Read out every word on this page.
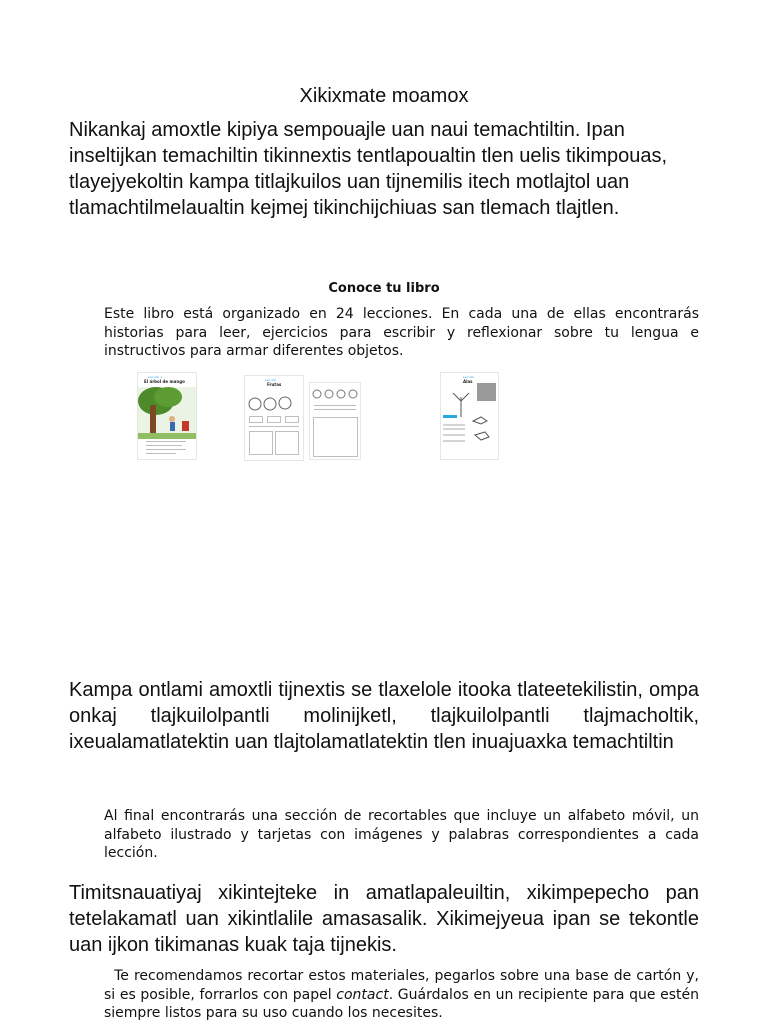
Xikixmate moamox

Nikankaj amoxtle kipiya sempouajle uan naui temachtiltin. Ipan inseltijkan temachiltin tikinnextis tentlapoualtin tlen uelis tikimpouas, tlayejyekoltin kampa titlajkuilos uan tijnemilis itech motlajtol uan tlamachtilmelaualtin kejmej tikinchijchiuas san tlemach tlajtlen.

Conoce tu libro

Este libro está organizado en 24 lecciones. En cada una de ellas encontrarás historias para leer, ejercicios para escribir y reflexionar sobre tu lengua e instructivos para armar diferentes objetos.

Lección 1
El árbol de mango	Lección
Frutas
Lección
Alas

Kampa ontlami amoxtli tijnextis se tlaxelole itooka tlateetekilistin, ompa onkaj tlajkuilolpantli molinijketl, tlajkuilolpantli tlajmacholtik, ixeualamatlatektin uan tlajtolamatlatektin tlen inuajuaxka temachtiltin

Al final encontrarás una sección de recortables que incluye un alfabeto móvil, un alfabeto ilustrado y tarjetas con imágenes y palabras correspondientes a cada lección.

Timitsnauatiyaj xikintejteke in amatlapaleuiltin, xikimpepecho pan tetelakamatl uan xikintlalile amasasalik. Xikimejyeua ipan se tekontle uan ijkon tikimanas kuak taja tijnekis.

Te recomendamos recortar estos materiales, pegarlos sobre una base de cartón y, si es posible, forrarlos con papel contact. Guárdalos en un recipiente para que estén siempre listos para su uso cuando los necesites.
